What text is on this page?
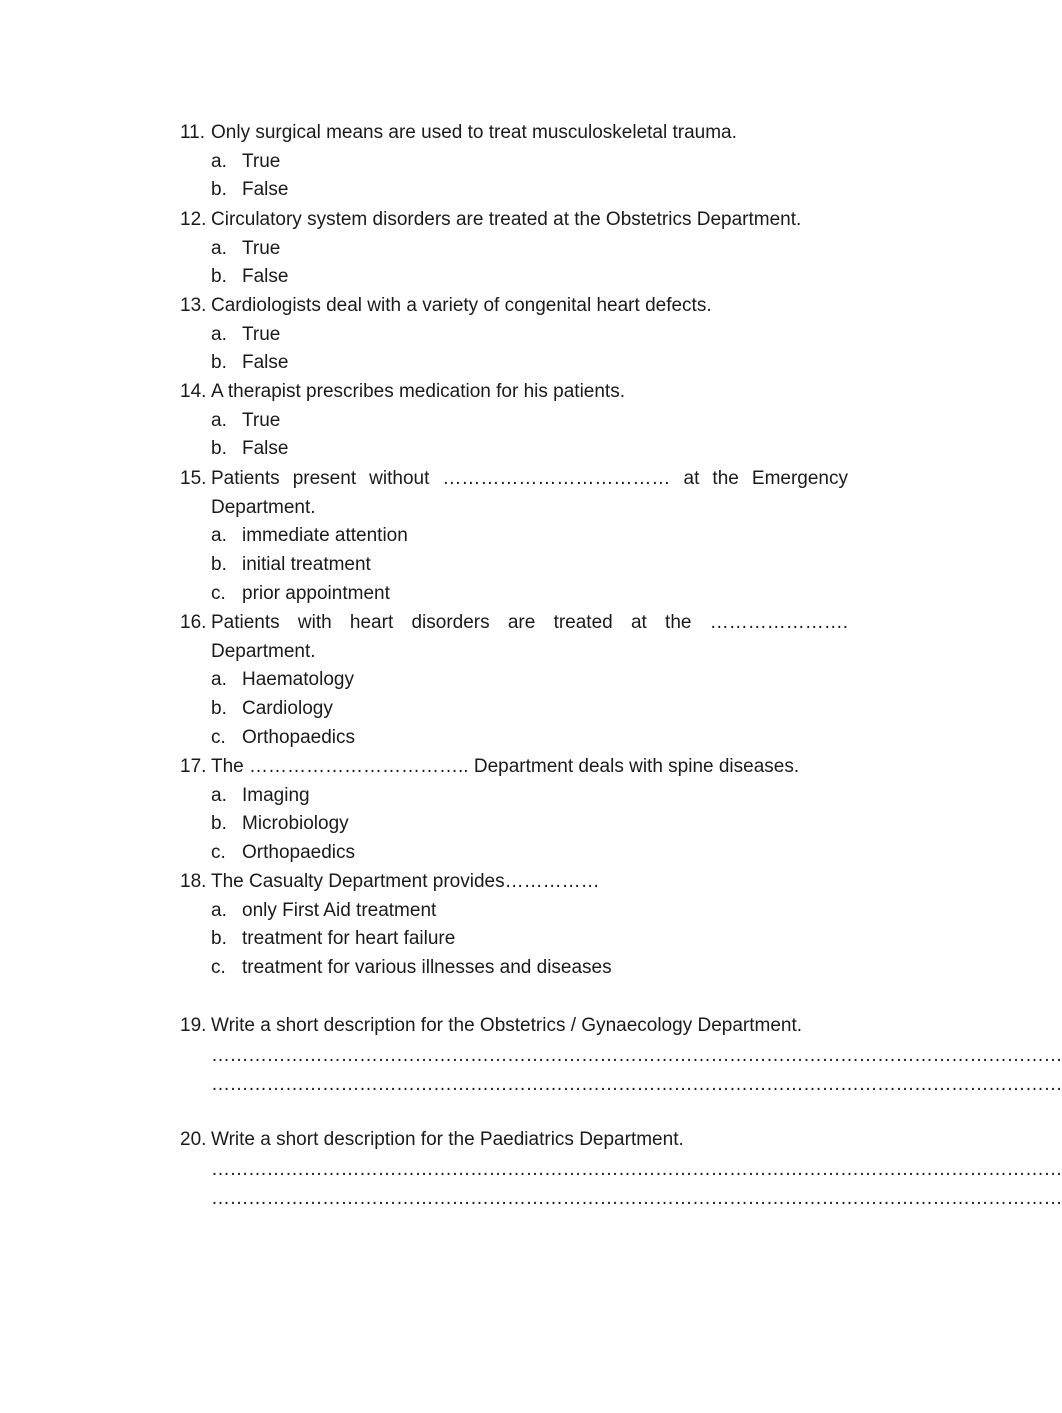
11. Only surgical means are used to treat musculoskeletal trauma.
a. True
b. False
12. Circulatory system disorders are treated at the Obstetrics Department.
a. True
b. False
13. Cardiologists deal with a variety of congenital heart defects.
a. True
b. False
14. A therapist prescribes medication for his patients.
a. True
b. False
15. Patients present without ……………………………… at the Emergency
Department.
a. immediate attention
b. initial treatment
c. prior appointment
16. Patients with heart disorders are treated at the ………………….
Department.
a. Haematology
b. Cardiology
c. Orthopaedics
17. The …………………………….. Department deals with spine diseases.
a. Imaging
b. Microbiology
c. Orthopaedics
18. The Casualty Department provides……………
a. only First Aid treatment
b. treatment for heart failure
c. treatment for various illnesses and diseases
19. Write a short description for the Obstetrics / Gynaecology Department.
…………………………………………………………………………………………………………………………
…………………………………………………………………………………………………………………………
20. Write a short description for the Paediatrics Department.
…………………………………………………………………………………………………………………………
…………………………………………………………………………………………………………………………
